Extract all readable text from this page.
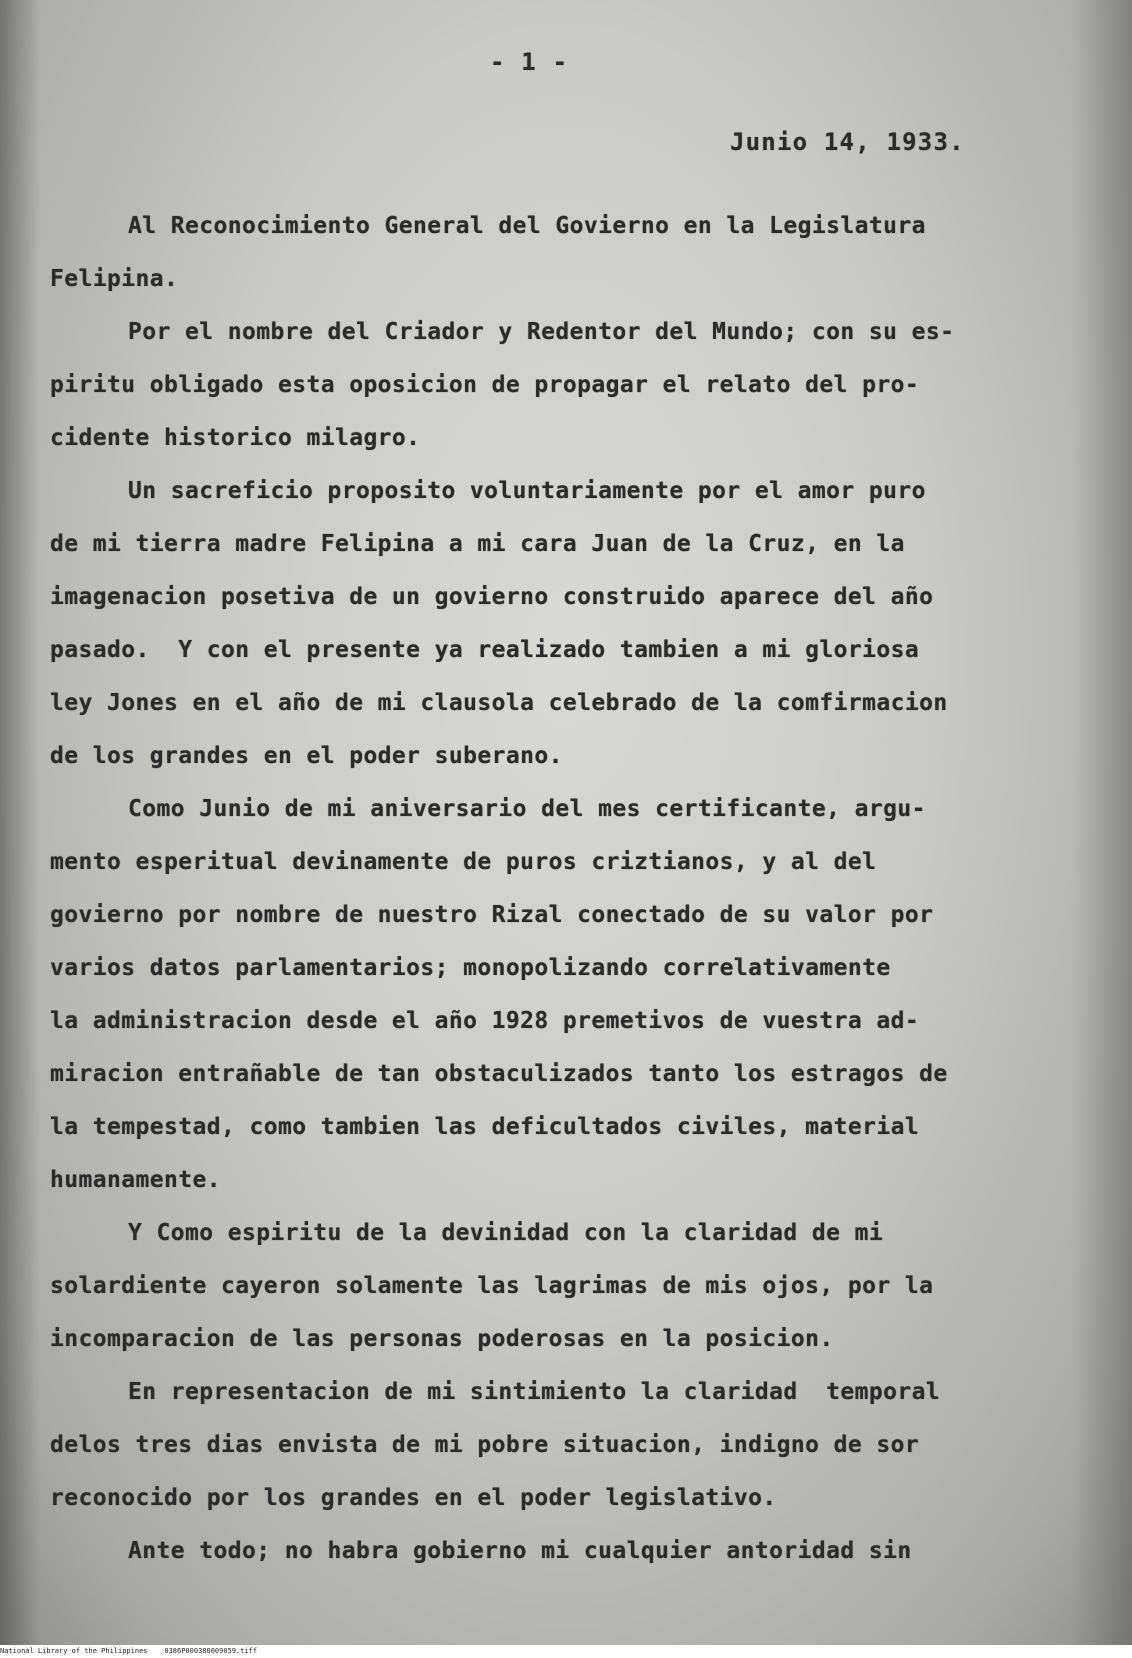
- 1 -
Junio 14, 1933.
Al Reconocimiento General del Govierno en la Legislatura
Felipina.
Por el nombre del Criador y Redentor del Mundo; con su es-
piritu obligado esta oposicion de propagar el relato del pro-
cidente historico milagro.
Un sacreficio proposito voluntariamente por el amor puro
de mi tierra madre Felipina a mi cara Juan de la Cruz, en la
imagenacion posetiva de un govierno construido aparece del año
pasado.  Y con el presente ya realizado tambien a mi gloriosa
ley Jones en el año de mi clausola celebrado de la comfirmacion
de los grandes en el poder suberano.
Como Junio de mi aniversario del mes certificante, argu-
mento esperitual devinamente de puros criztianos, y al del
govierno por nombre de nuestro Rizal conectado de su valor por
varios datos parlamentarios; monopolizando correlativamente
la administracion desde el año 1928 premetivos de vuestra ad-
miracion entrañable de tan obstaculizados tanto los estragos de
la tempestad, como tambien las deficultados civiles, material
humanamente.
Y Como espiritu de la devinidad con la claridad de mi
solardiente cayeron solamente las lagrimas de mis ojos, por la
incomparacion de las personas poderosas en la posicion.
En representacion de mi sintimiento la claridad  temporal
delos tres dias envista de mi pobre situacion, indigno de sor
reconocido por los grandes en el poder legislativo.
Ante todo; no habra gobierno mi cualquier antoridad sin
National Library of the Philippines    0386P000380009059.tiff
